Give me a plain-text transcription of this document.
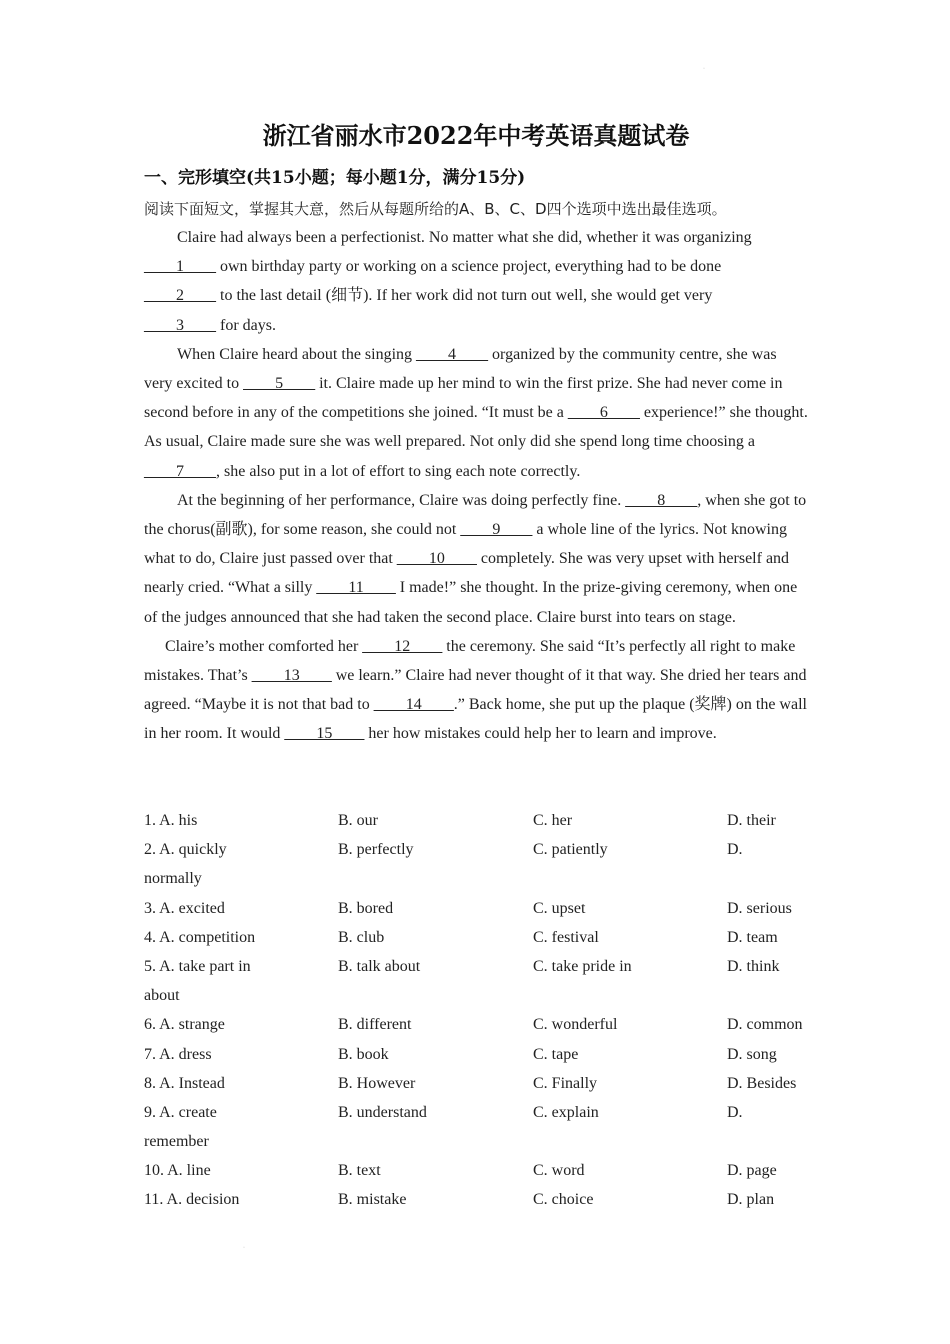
·
·
浙江省丽水市2022年中考英语真题试卷
一、完形填空(共15小题；每小题1分，满分15分)
阅读下面短文，掌握其大意，然后从每题所给的A、B、C、D四个选项中选出最佳选项。

Claire had always been a perfectionist. No matter what she did, whether it was organizing
____1____ own birthday party or working on a science project, everything had to be done
____2____ to the last detail (细节). If her work did not turn out well, she would get very
____3____ for days.

When Claire heard about the singing ____4____ organized by the community centre, she was very excited to ____5____ it. Claire made up her mind to win the first prize. She had never come in second before in any of the competitions she joined. “It must be a ____6____ experience!” she thought. As usual, Claire made sure she was well prepared. Not only did she spend long time choosing a ____7____, she also put in a lot of effort to sing each note correctly.

At the beginning of her performance, Claire was doing perfectly fine. ____8____, when she got to the chorus(副歌), for some reason, she could not ____9____ a whole line of the lyrics. Not knowing what to do, Claire just passed over that ____10____ completely. She was very upset with herself and nearly cried. “What a silly ____11____ I made!” she thought. In the prize-giving ceremony, when one of the judges announced that she had taken the second place. Claire burst into tears on stage.

Claire’s mother comforted her ____12____ the ceremony. She said “It’s perfectly all right to make mistakes. That’s ____13____ we learn.” Claire had never thought of it that way. She dried her tears and agreed. “Maybe it is not that bad to ____14____.” Back home, she put up the plaque (奖牌) on the wall in her room. It would ____15____ her how mistakes could help her to learn and improve.

1. A. his	B. our	C. her	D. their
2. A. quickly	B. perfectly	C. patiently	D.
normally
3. A. excited	B. bored	C. upset	D. serious
4. A. competition	B. club	C. festival	D. team
5. A. take part in	B. talk about	C. take pride in	D. think
about
6. A. strange	B. different	C. wonderful	D. common
7. A. dress	B. book	C. tape	D. song
8. A. Instead	B. However	C. Finally	D. Besides
9. A. create	B. understand	C. explain	D.
remember
10. A. line	B. text	C. word	D. page
11. A. decision	B. mistake	C. choice	D. plan
